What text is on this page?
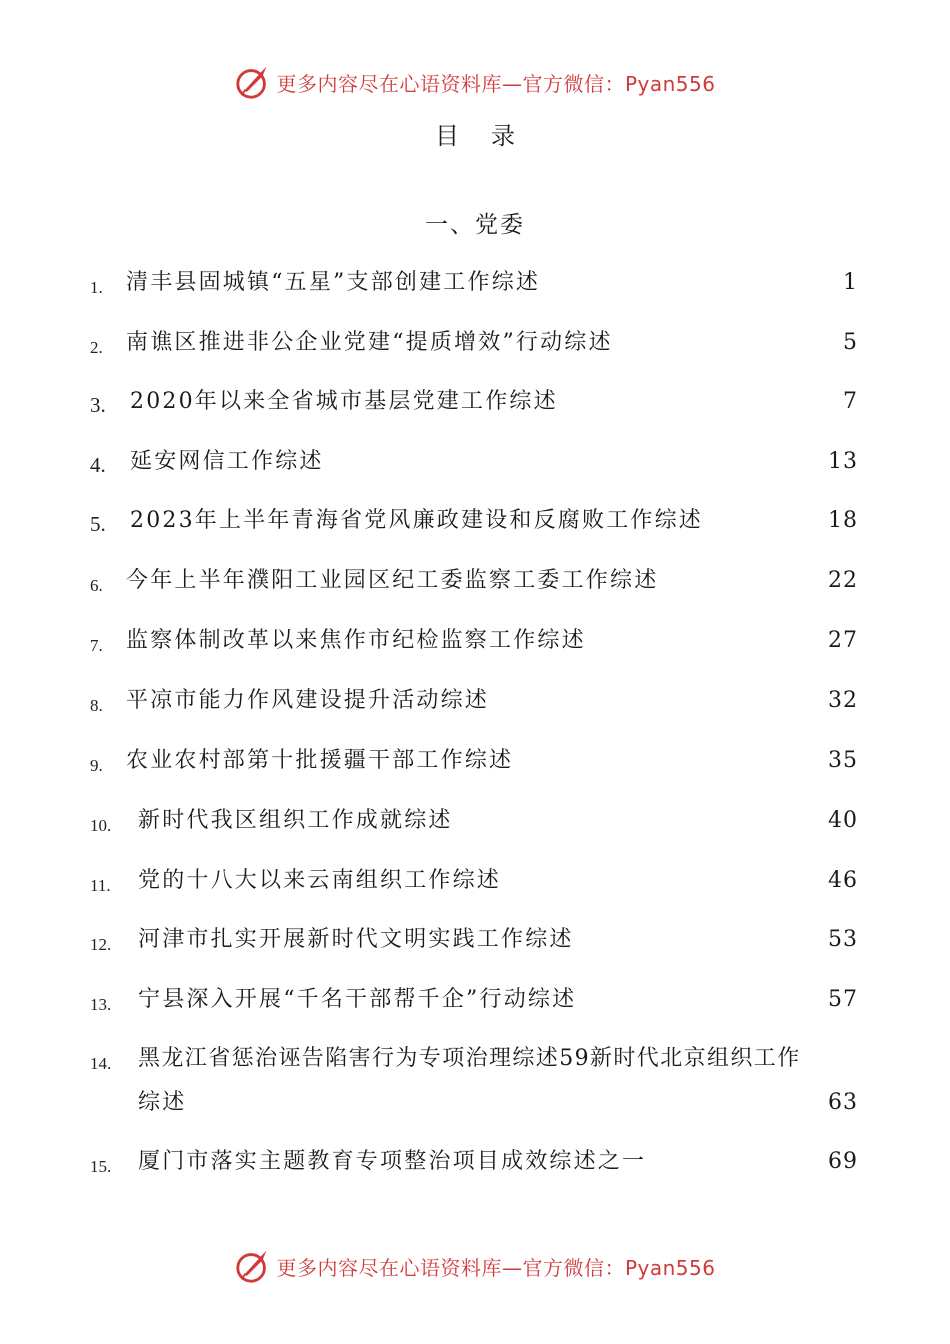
更多内容尽在心语资料库—官方微信：Pyan556
目录
一、党委
1. 清丰县固城镇“五星”支部创建工作综述	1
2. 南谯区推进非公企业党建“提质增效”行动综述	5
3. 2020年以来全省城市基层党建工作综述	7
4. 延安网信工作综述	13
5. 2023年上半年青海省党风廉政建设和反腐败工作综述	18
6. 今年上半年濮阳工业园区纪工委监察工委工作综述	22
7. 监察体制改革以来焦作市纪检监察工作综述	27
8. 平凉市能力作风建设提升活动综述	32
9. 农业农村部第十批援疆干部工作综述	35
10. 新时代我区组织工作成就综述	40
11. 党的十八大以来云南组织工作综述	46
12. 河津市扎实开展新时代文明实践工作综述	53
13. 宁县深入开展“千名干部帮千企”行动综述	57
14. 黑龙江省惩治诬告陷害行为专项治理综述59新时代北京组织工作
综述	63
15. 厦门市落实主题教育专项整治项目成效综述之一	69
更多内容尽在心语资料库—官方微信：Pyan556
